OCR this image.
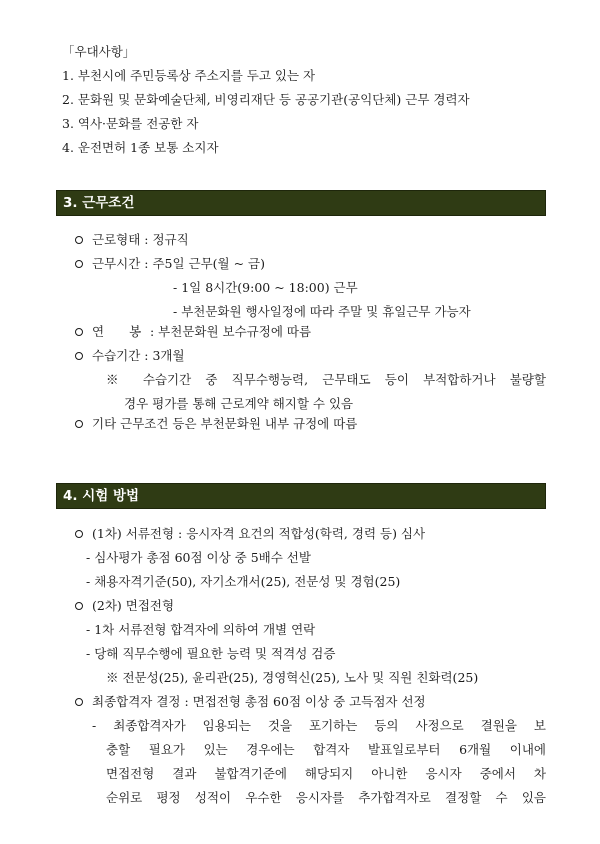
「우대사항」
1. 부천시에 주민등록상 주소지를 두고 있는 자
2. 문화원 및 문화예술단체, 비영리재단 등 공공기관(공익단체) 근무 경력자
3. 역사·문화를 전공한 자
4. 운전면허 1종 보통 소지자
3. 근무조건
근로형태 : 정규직
근무시간 : 주5일 근무(월 ~ 금)
- 1일 8시간(9:00 ~ 18:00) 근무
- 부천문화원 행사일정에 따라 주말 및 휴일근무 가능자
연　　봉 : 부천문화원 보수규정에 따름
수습기간 : 3개월
※ 수습기간 중 직무수행능력, 근무태도 등이 부적합하거나 불량할
경우 평가를 통해 근로계약 해지할 수 있음
기타 근무조건 등은 부천문화원 내부 규정에 따름
4. 시험 방법
(1차) 서류전형 : 응시자격 요건의 적합성(학력, 경력 등) 심사
- 심사평가 총점 60점 이상 중 5배수 선발
- 채용자격기준(50), 자기소개서(25), 전문성 및 경험(25)
(2차) 면접전형
- 1차 서류전형 합격자에 의하여 개별 연락
- 당해 직무수행에 필요한 능력 및 적격성 검증
※ 전문성(25), 윤리관(25), 경영혁신(25), 노사 및 직원 친화력(25)
최종합격자 결정 : 면접전형 총점 60점 이상 중 고득점자 선정
- 최종합격자가 임용되는 것을 포기하는 등의 사정으로 결원을 보
충할 필요가 있는 경우에는 합격자 발표일로부터 6개월 이내에
면접전형 결과 불합격기준에 해당되지 아니한 응시자 중에서 차
순위로 평정 성적이 우수한 응시자를 추가합격자로 결정할 수 있음
